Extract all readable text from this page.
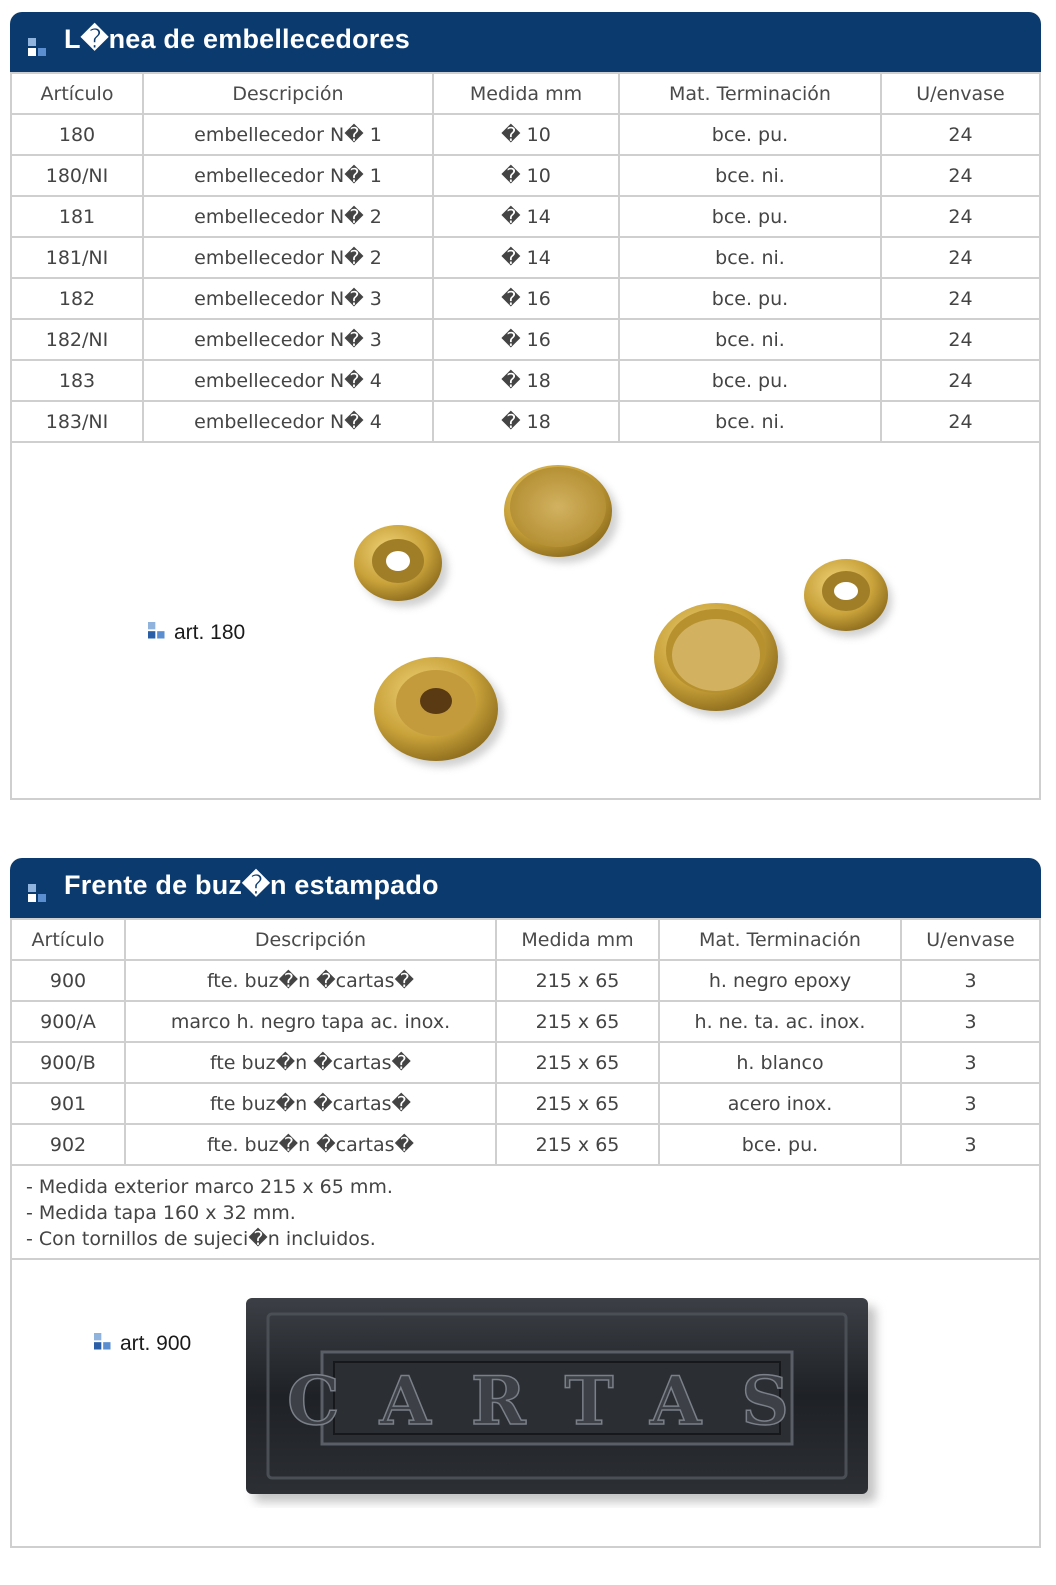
L�nea de embellecedores
Artículo	Descripción	Medida mm	Mat. Terminación	U/envase
180	embellecedor N� 1	� 10	bce. pu.	24
180/NI	embellecedor N� 1	� 10	bce. ni.	24
181	embellecedor N� 2	� 14	bce. pu.	24
181/NI	embellecedor N� 2	� 14	bce. ni.	24
182	embellecedor N� 3	� 16	bce. pu.	24
182/NI	embellecedor N� 3	� 16	bce. ni.	24
183	embellecedor N� 4	� 18	bce. pu.	24
183/NI	embellecedor N� 4	� 18	bce. ni.	24
art. 180
Frente de buz�n estampado
Artículo	Descripción	Medida mm	Mat. Terminación	U/envase
900	fte. buz�n �cartas�	215 x 65	h. negro epoxy	3
900/A	marco h. negro tapa ac. inox.	215 x 65	h. ne. ta. ac. inox.	3
900/B	fte buz�n �cartas�	215 x 65	h. blanco	3
901	fte buz�n �cartas�	215 x 65	acero inox.	3
902	fte. buz�n �cartas�	215 x 65	bce. pu.	3
- Medida exterior marco 215 x 65 mm.
- Medida tapa 160 x 32 mm.
- Con tornillos de sujeci�n incluidos.
art. 900
CARTAS
